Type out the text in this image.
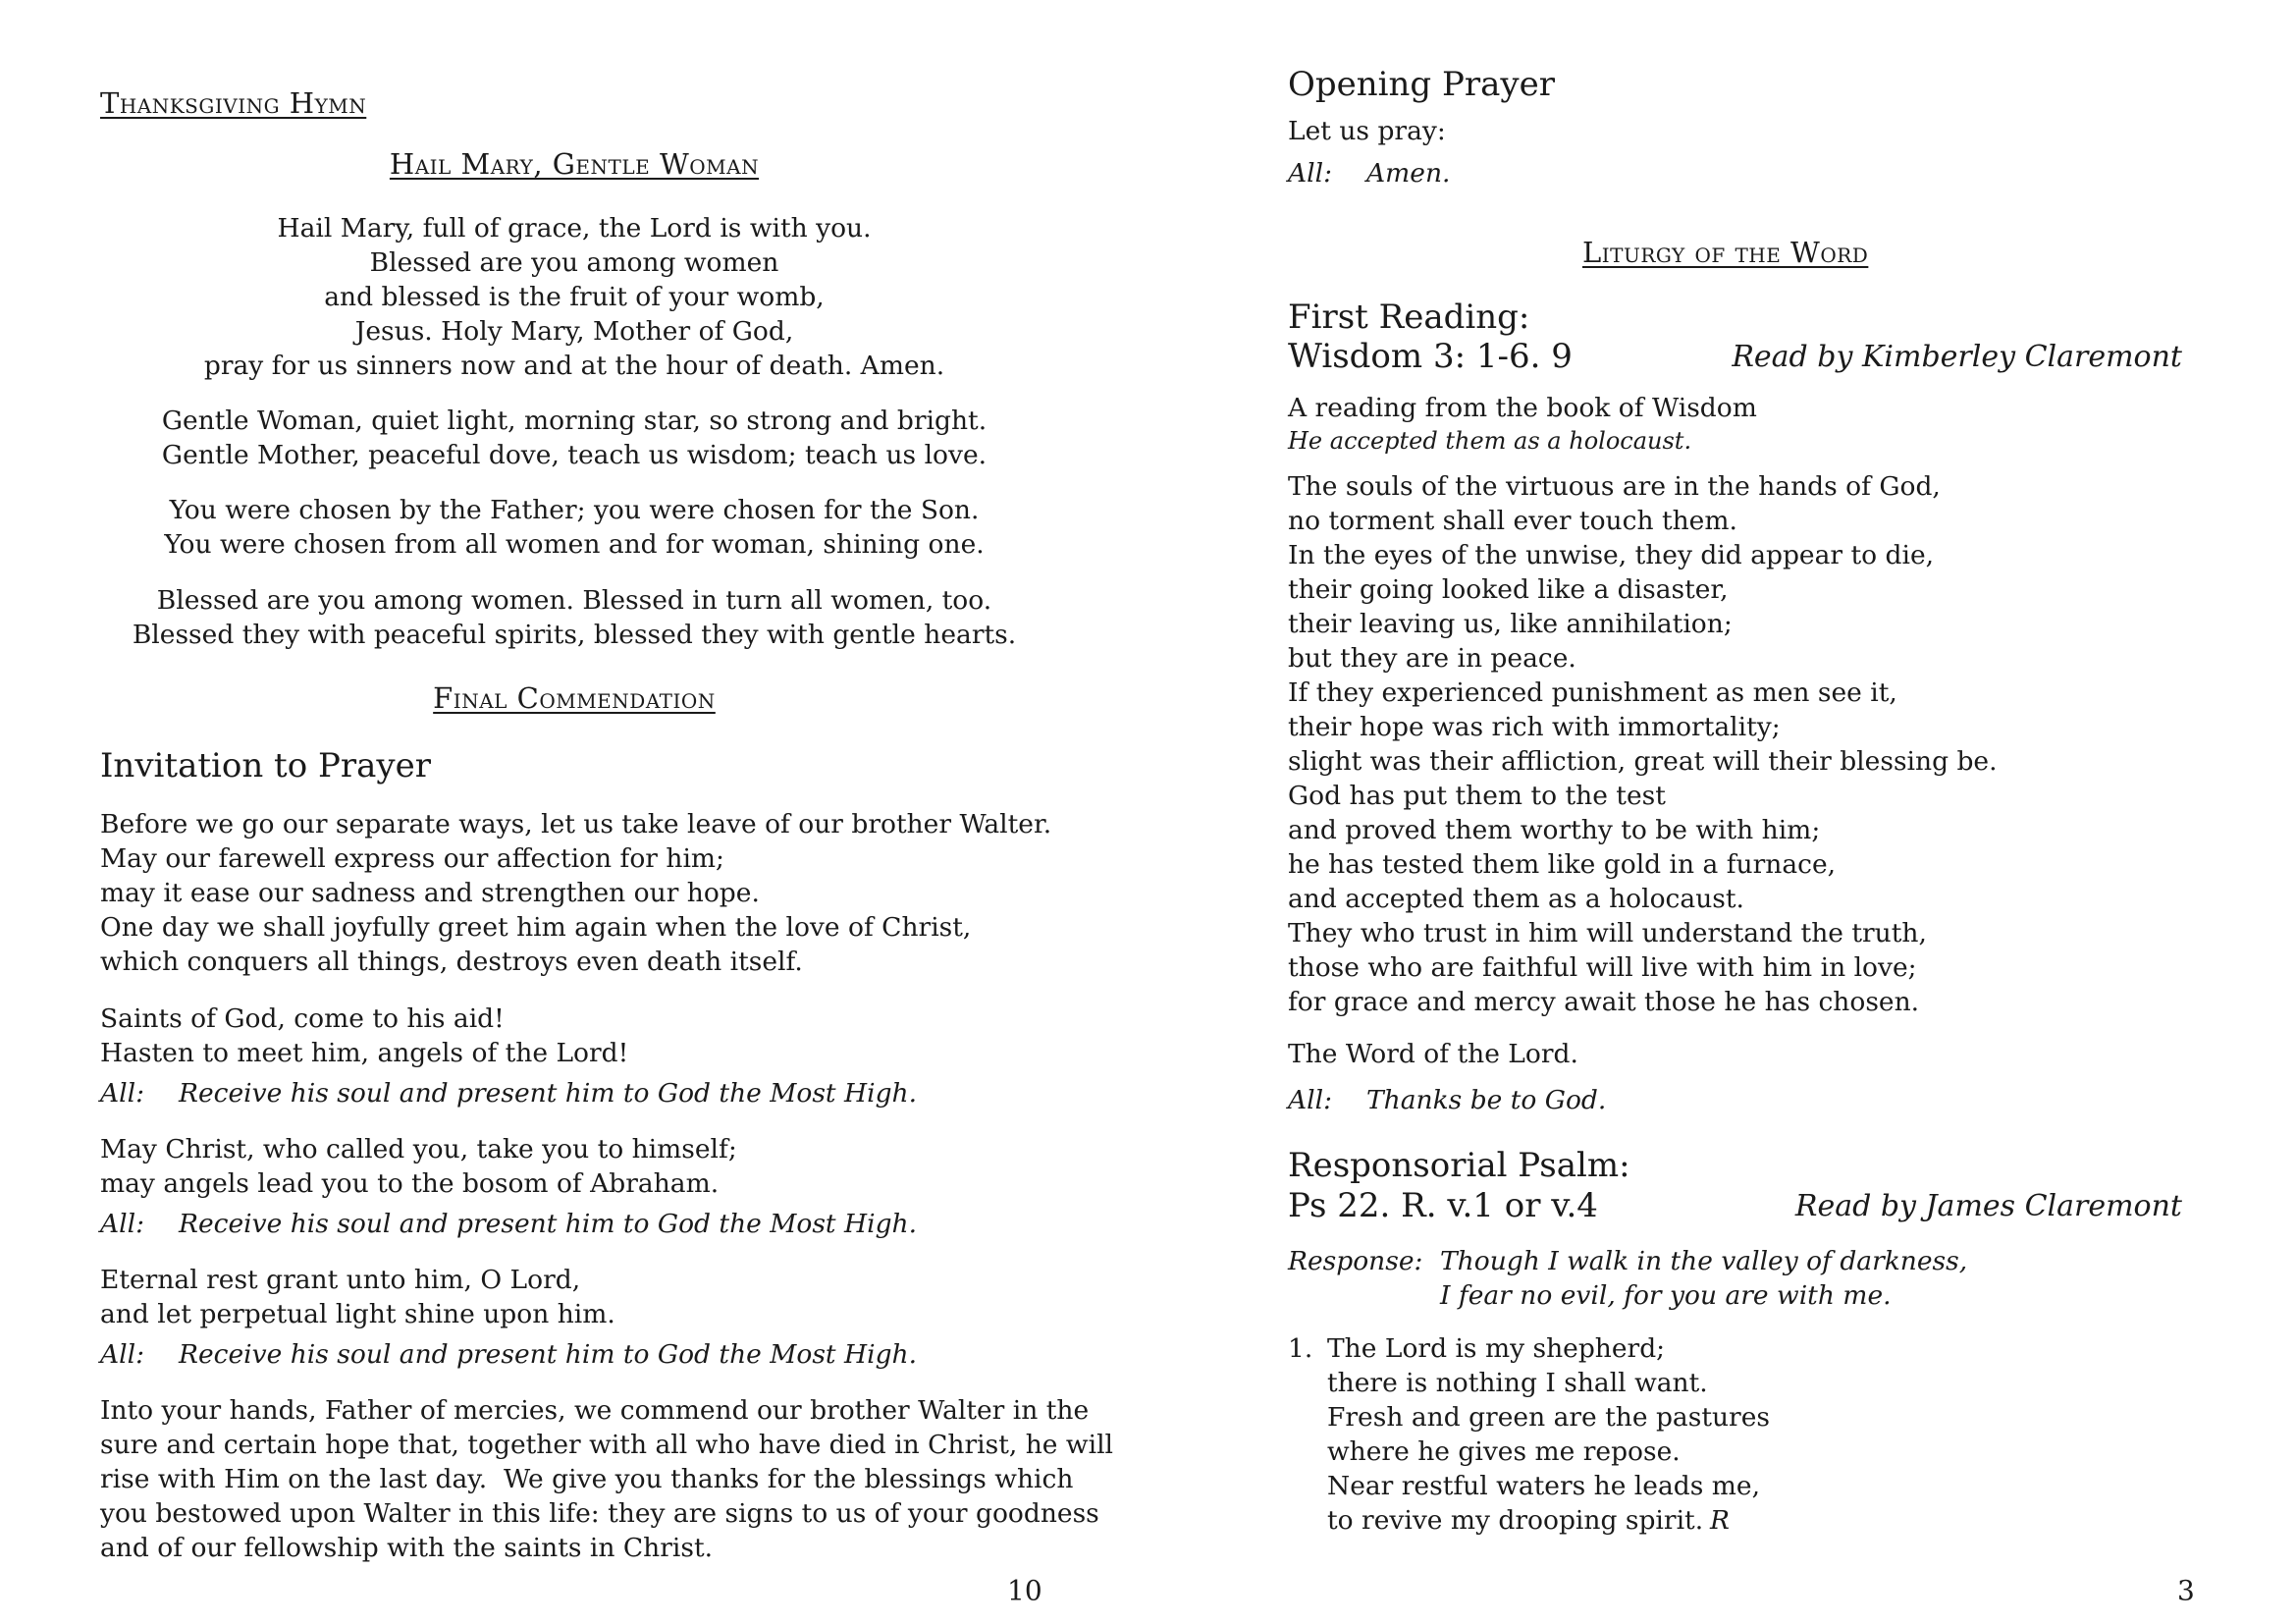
Thanksgiving Hymn
Hail Mary, Gentle Woman
Hail Mary, full of grace, the Lord is with you.
Blessed are you among women
and blessed is the fruit of your womb,
Jesus. Holy Mary, Mother of God,
pray for us sinners now and at the hour of death. Amen.
Gentle Woman, quiet light, morning star, so strong and bright.
Gentle Mother, peaceful dove, teach us wisdom; teach us love.
You were chosen by the Father; you were chosen for the Son.
You were chosen from all women and for woman, shining one.
Blessed are you among women. Blessed in turn all women, too.
Blessed they with peaceful spirits, blessed they with gentle hearts.
Final Commendation
Invitation to Prayer
Before we go our separate ways, let us take leave of our brother Walter.
May our farewell express our affection for him;
may it ease our sadness and strengthen our hope.
One day we shall joyfully greet him again when the love of Christ,
which conquers all things, destroys even death itself.
Saints of God, come to his aid!
Hasten to meet him, angels of the Lord!
All: Receive his soul and present him to God the Most High.
May Christ, who called you, take you to himself;
may angels lead you to the bosom of Abraham.
All: Receive his soul and present him to God the Most High.
Eternal rest grant unto him, O Lord,
and let perpetual light shine upon him.
All: Receive his soul and present him to God the Most High.
Into your hands, Father of mercies, we commend our brother Walter in the
sure and certain hope that, together with all who have died in Christ, he will
rise with Him on the last day.  We give you thanks for the blessings which
you bestowed upon Walter in this life: they are signs to us of your goodness
and of our fellowship with the saints in Christ.
10
Opening Prayer
Let us pray:
All: Amen.
Liturgy of the Word
First Reading:
Wisdom 3: 1-6. 9	Read by Kimberley Claremont
A reading from the book of Wisdom
He accepted them as a holocaust.
The souls of the virtuous are in the hands of God,
no torment shall ever touch them.
In the eyes of the unwise, they did appear to die,
their going looked like a disaster,
their leaving us, like annihilation;
but they are in peace.
If they experienced punishment as men see it,
their hope was rich with immortality;
slight was their affliction, great will their blessing be.
God has put them to the test
and proved them worthy to be with him;
he has tested them like gold in a furnace,
and accepted them as a holocaust.
They who trust in him will understand the truth,
those who are faithful will live with him in love;
for grace and mercy await those he has chosen.
The Word of the Lord.
All: Thanks be to God.
Responsorial Psalm:
Ps 22. R. v.1 or v.4	Read by James Claremont
Response: Though I walk in the valley of darkness,
I fear no evil, for you are with me.
1. The Lord is my shepherd;
there is nothing I shall want.
Fresh and green are the pastures
where he gives me repose.
Near restful waters he leads me,
to revive my drooping spirit. R
3
